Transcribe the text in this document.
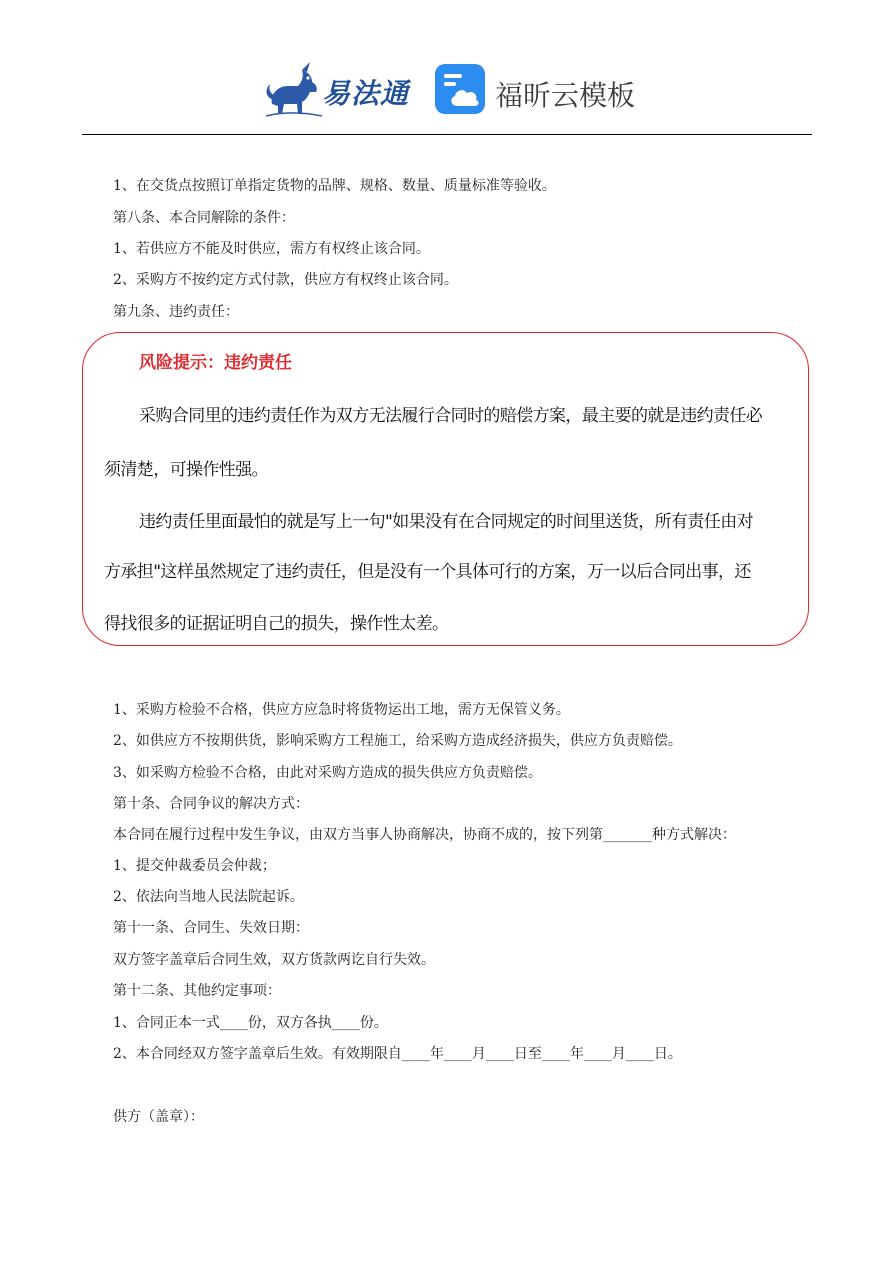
易法通	福昕云模板
1、在交货点按照订单指定货物的品牌、规格、数量、质量标准等验收。
第八条、本合同解除的条件：
1、若供应方不能及时供应，需方有权终止该合同。
2、采购方不按约定方式付款，供应方有权终止该合同。
第九条、违约责任：
风险提示：违约责任
采购合同里的违约责任作为双方无法履行合同时的赔偿方案，最主要的就是违约责任必
须清楚，可操作性强。
违约责任里面最怕的就是写上一句"如果没有在合同规定的时间里送货，所有责任由对
方承担"这样虽然规定了违约责任，但是没有一个具体可行的方案，万一以后合同出事，还
得找很多的证据证明自己的损失，操作性太差。
1、采购方检验不合格，供应方应急时将货物运出工地，需方无保管义务。
2、如供应方不按期供货，影响采购方工程施工，给采购方造成经济损失，供应方负责赔偿。
3、如采购方检验不合格，由此对采购方造成的损失供应方负责赔偿。
第十条、合同争议的解决方式：
本合同在履行过程中发生争议，由双方当事人协商解决，协商不成的，按下列第_______种方式解决：
1、提交仲裁委员会仲裁；
2、依法向当地人民法院起诉。
第十一条、合同生、失效日期：
双方签字盖章后合同生效，双方货款两讫自行失效。
第十二条、其他约定事项：
1、合同正本一式____份，双方各执____份。
2、本合同经双方签字盖章后生效。有效期限自____年____月____日至____年____月____日。
供方（盖章）：
